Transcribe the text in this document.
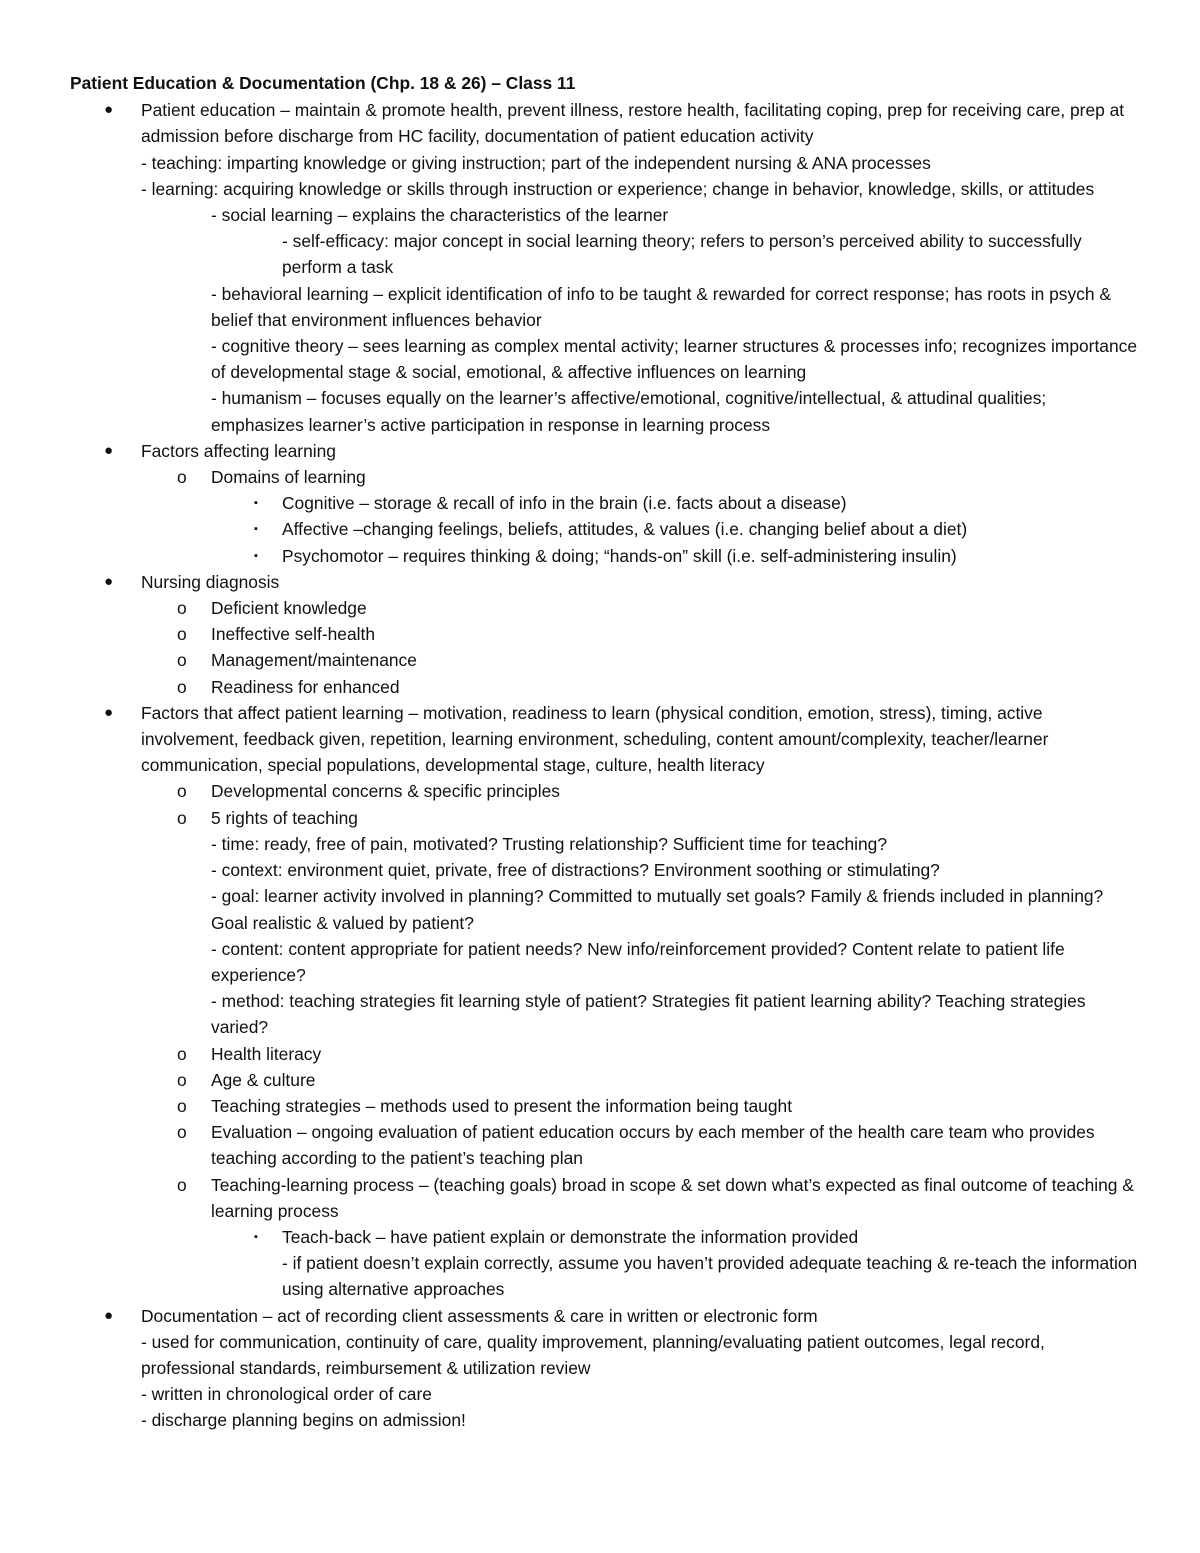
Patient Education & Documentation (Chp. 18 & 26) – Class 11

● Patient education – maintain & promote health, prevent illness, restore health, facilitating coping, prep for receiving care, prep at admission before discharge from HC facility, documentation of patient education activity

- teaching: imparting knowledge or giving instruction; part of the independent nursing & ANA processes

- learning: acquiring knowledge or skills through instruction or experience; change in behavior, knowledge, skills, or attitudes

- social learning – explains the characteristics of the learner

- self-efficacy: major concept in social learning theory; refers to person’s perceived ability to successfully perform a task

- behavioral learning – explicit identification of info to be taught & rewarded for correct response; has roots in psych & belief that environment influences behavior

- cognitive theory – sees learning as complex mental activity; learner structures & processes info; recognizes importance of developmental stage & social, emotional, & affective influences on learning

- humanism – focuses equally on the learner’s affective/emotional, cognitive/intellectual, & attudinal qualities; emphasizes learner’s active participation in response in learning process

● Factors affecting learning

o Domains of learning

▪ Cognitive – storage & recall of info in the brain (i.e. facts about a disease)

▪ Affective –changing feelings, beliefs, attitudes, & values (i.e. changing belief about a diet)

▪ Psychomotor – requires thinking & doing; “hands-on” skill (i.e. self-administering insulin)

● Nursing diagnosis

o Deficient knowledge

o Ineffective self-health

o Management/maintenance

o Readiness for enhanced

● Factors that affect patient learning – motivation, readiness to learn (physical condition, emotion, stress), timing, active involvement, feedback given, repetition, learning environment, scheduling, content amount/complexity, teacher/learner communication, special populations, developmental stage, culture, health literacy

o Developmental concerns & specific principles

o 5 rights of teaching

- time: ready, free of pain, motivated? Trusting relationship? Sufficient time for teaching?

- context: environment quiet, private, free of distractions? Environment soothing or stimulating?

- goal: learner activity involved in planning? Committed to mutually set goals? Family & friends included in planning? Goal realistic & valued by patient?

- content: content appropriate for patient needs? New info/reinforcement provided? Content relate to patient life experience?

- method: teaching strategies fit learning style of patient? Strategies fit patient learning ability? Teaching strategies varied?

o Health literacy

o Age & culture

o Teaching strategies – methods used to present the information being taught

o Evaluation – ongoing evaluation of patient education occurs by each member of the health care team who provides teaching according to the patient’s teaching plan

o Teaching-learning process – (teaching goals) broad in scope & set down what’s expected as final outcome of teaching & learning process

▪ Teach-back – have patient explain or demonstrate the information provided

- if patient doesn’t explain correctly, assume you haven’t provided adequate teaching & re-teach the information using alternative approaches

● Documentation – act of recording client assessments & care in written or electronic form

- used for communication, continuity of care, quality improvement, planning/evaluating patient outcomes, legal record, professional standards, reimbursement & utilization review

- written in chronological order of care

- discharge planning begins on admission!
